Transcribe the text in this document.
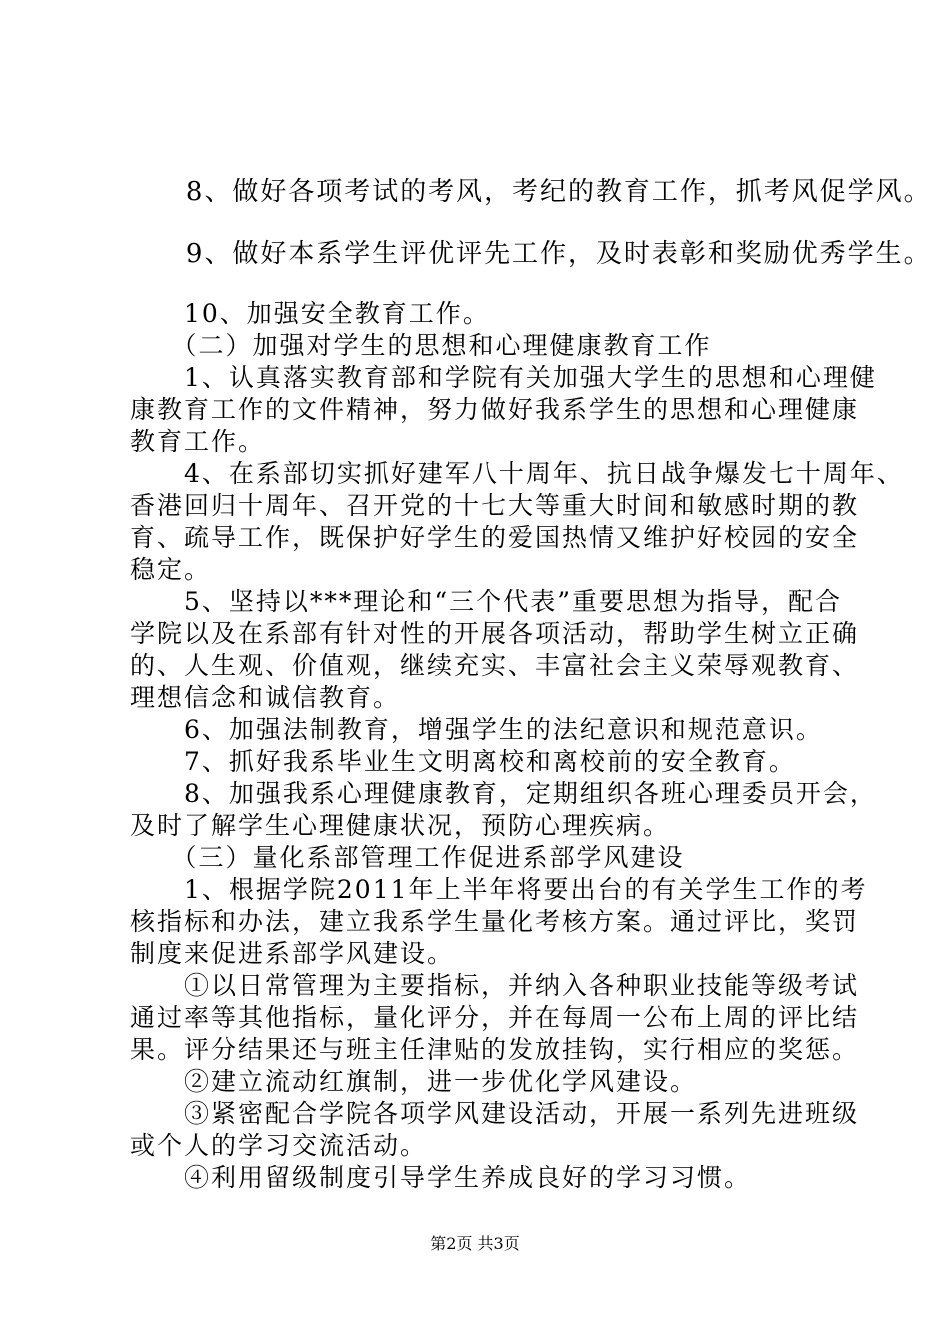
　　8、做好各项考试的考风，考纪的教育工作，抓考风促学风。
　　9、做好本系学生评优评先工作，及时表彰和奖励优秀学生。
　　10、加强安全教育工作。
　　（二）加强对学生的思想和心理健康教育工作
　　1、认真落实教育部和学院有关加强大学生的思想和心理健
康教育工作的文件精神，努力做好我系学生的思想和心理健康
教育工作。
　　4、在系部切实抓好建军八十周年、抗日战争爆发七十周年、
香港回归十周年、召开党的十七大等重大时间和敏感时期的教
育、疏导工作，既保护好学生的爱国热情又维护好校园的安全
稳定。
　　5、坚持以***理论和“三个代表”重要思想为指导，配合
学院以及在系部有针对性的开展各项活动，帮助学生树立正确
的、人生观、价值观，继续充实、丰富社会主义荣辱观教育、
理想信念和诚信教育。
　　6、加强法制教育，增强学生的法纪意识和规范意识。
　　7、抓好我系毕业生文明离校和离校前的安全教育。
　　8、加强我系心理健康教育，定期组织各班心理委员开会，
及时了解学生心理健康状况，预防心理疾病。
　　（三）量化系部管理工作促进系部学风建设
　　1、根据学院2011年上半年将要出台的有关学生工作的考
核指标和办法，建立我系学生量化考核方案。通过评比，奖罚
制度来促进系部学风建设。
　　①以日常管理为主要指标，并纳入各种职业技能等级考试
通过率等其他指标，量化评分，并在每周一公布上周的评比结
果。评分结果还与班主任津贴的发放挂钩，实行相应的奖惩。
　　②建立流动红旗制，进一步优化学风建设。
　　③紧密配合学院各项学风建设活动，开展一系列先进班级
或个人的学习交流活动。
　　④利用留级制度引导学生养成良好的学习习惯。
第2页 共3页
